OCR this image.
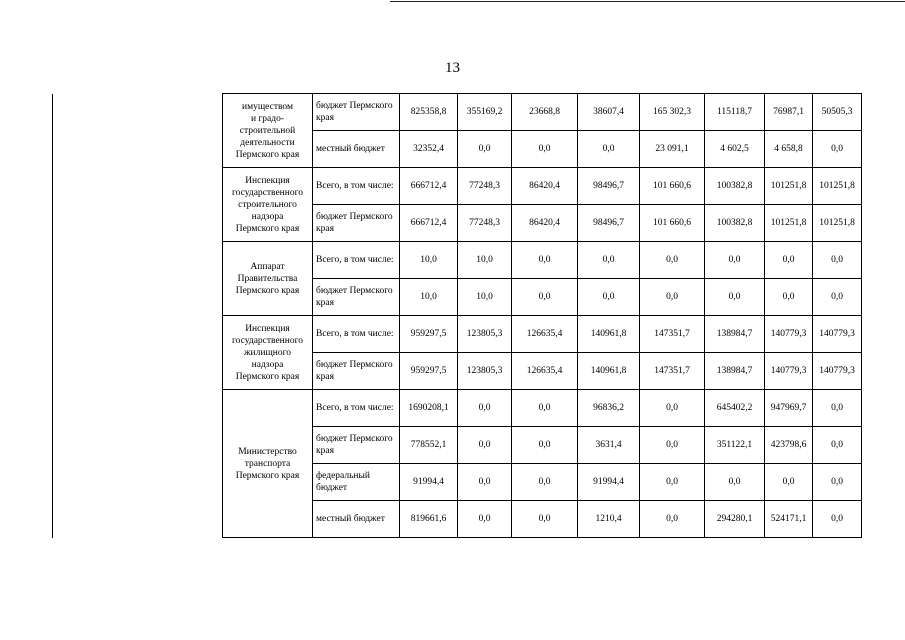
13
	имуществом
и градо-
строительной
деятельности
Пермского края	бюджет Пермского края	825358,8	355169,2	23668,8	38607,4	165 302,3	115118,7	76987,1	50505,3
		местный бюджет	32352,4	0,0	0,0	0,0	23 091,1	4 602,5	4 658,8	0,0
	Инспекция
государственного
строительного
надзора
Пермского края	Всего, в том числе:	666712,4	77248,3	86420,4	98496,7	101 660,6	100382,8	101251,8	101251,8
		бюджет Пермского края	666712,4	77248,3	86420,4	98496,7	101 660,6	100382,8	101251,8	101251,8
	Аппарат
Правительства
Пермского края	Всего, в том числе:	10,0	10,0	0,0	0,0	0,0	0,0	0,0	0,0
		бюджет Пермского края	10,0	10,0	0,0	0,0	0,0	0,0	0,0	0,0
	Инспекция
государственного
жилищного
надзора
Пермского края	Всего, в том числе:	959297,5	123805,3	126635,4	140961,8	147351,7	138984,7	140779,3	140779,3
		бюджет Пермского края	959297,5	123805,3	126635,4	140961,8	147351,7	138984,7	140779,3	140779,3
	Министерство
транспорта
Пермского края	Всего, в том числе:	1690208,1	0,0	0,0	96836,2	0,0	645402,2	947969,7	0,0
		бюджет Пермского края	778552,1	0,0	0,0	3631,4	0,0	351122,1	423798,6	0,0
		федеральный бюджет	91994,4	0,0	0,0	91994,4	0,0	0,0	0,0	0,0
		местный бюджет	819661,6	0,0	0,0	1210,4	0,0	294280,1	524171,1	0,0
